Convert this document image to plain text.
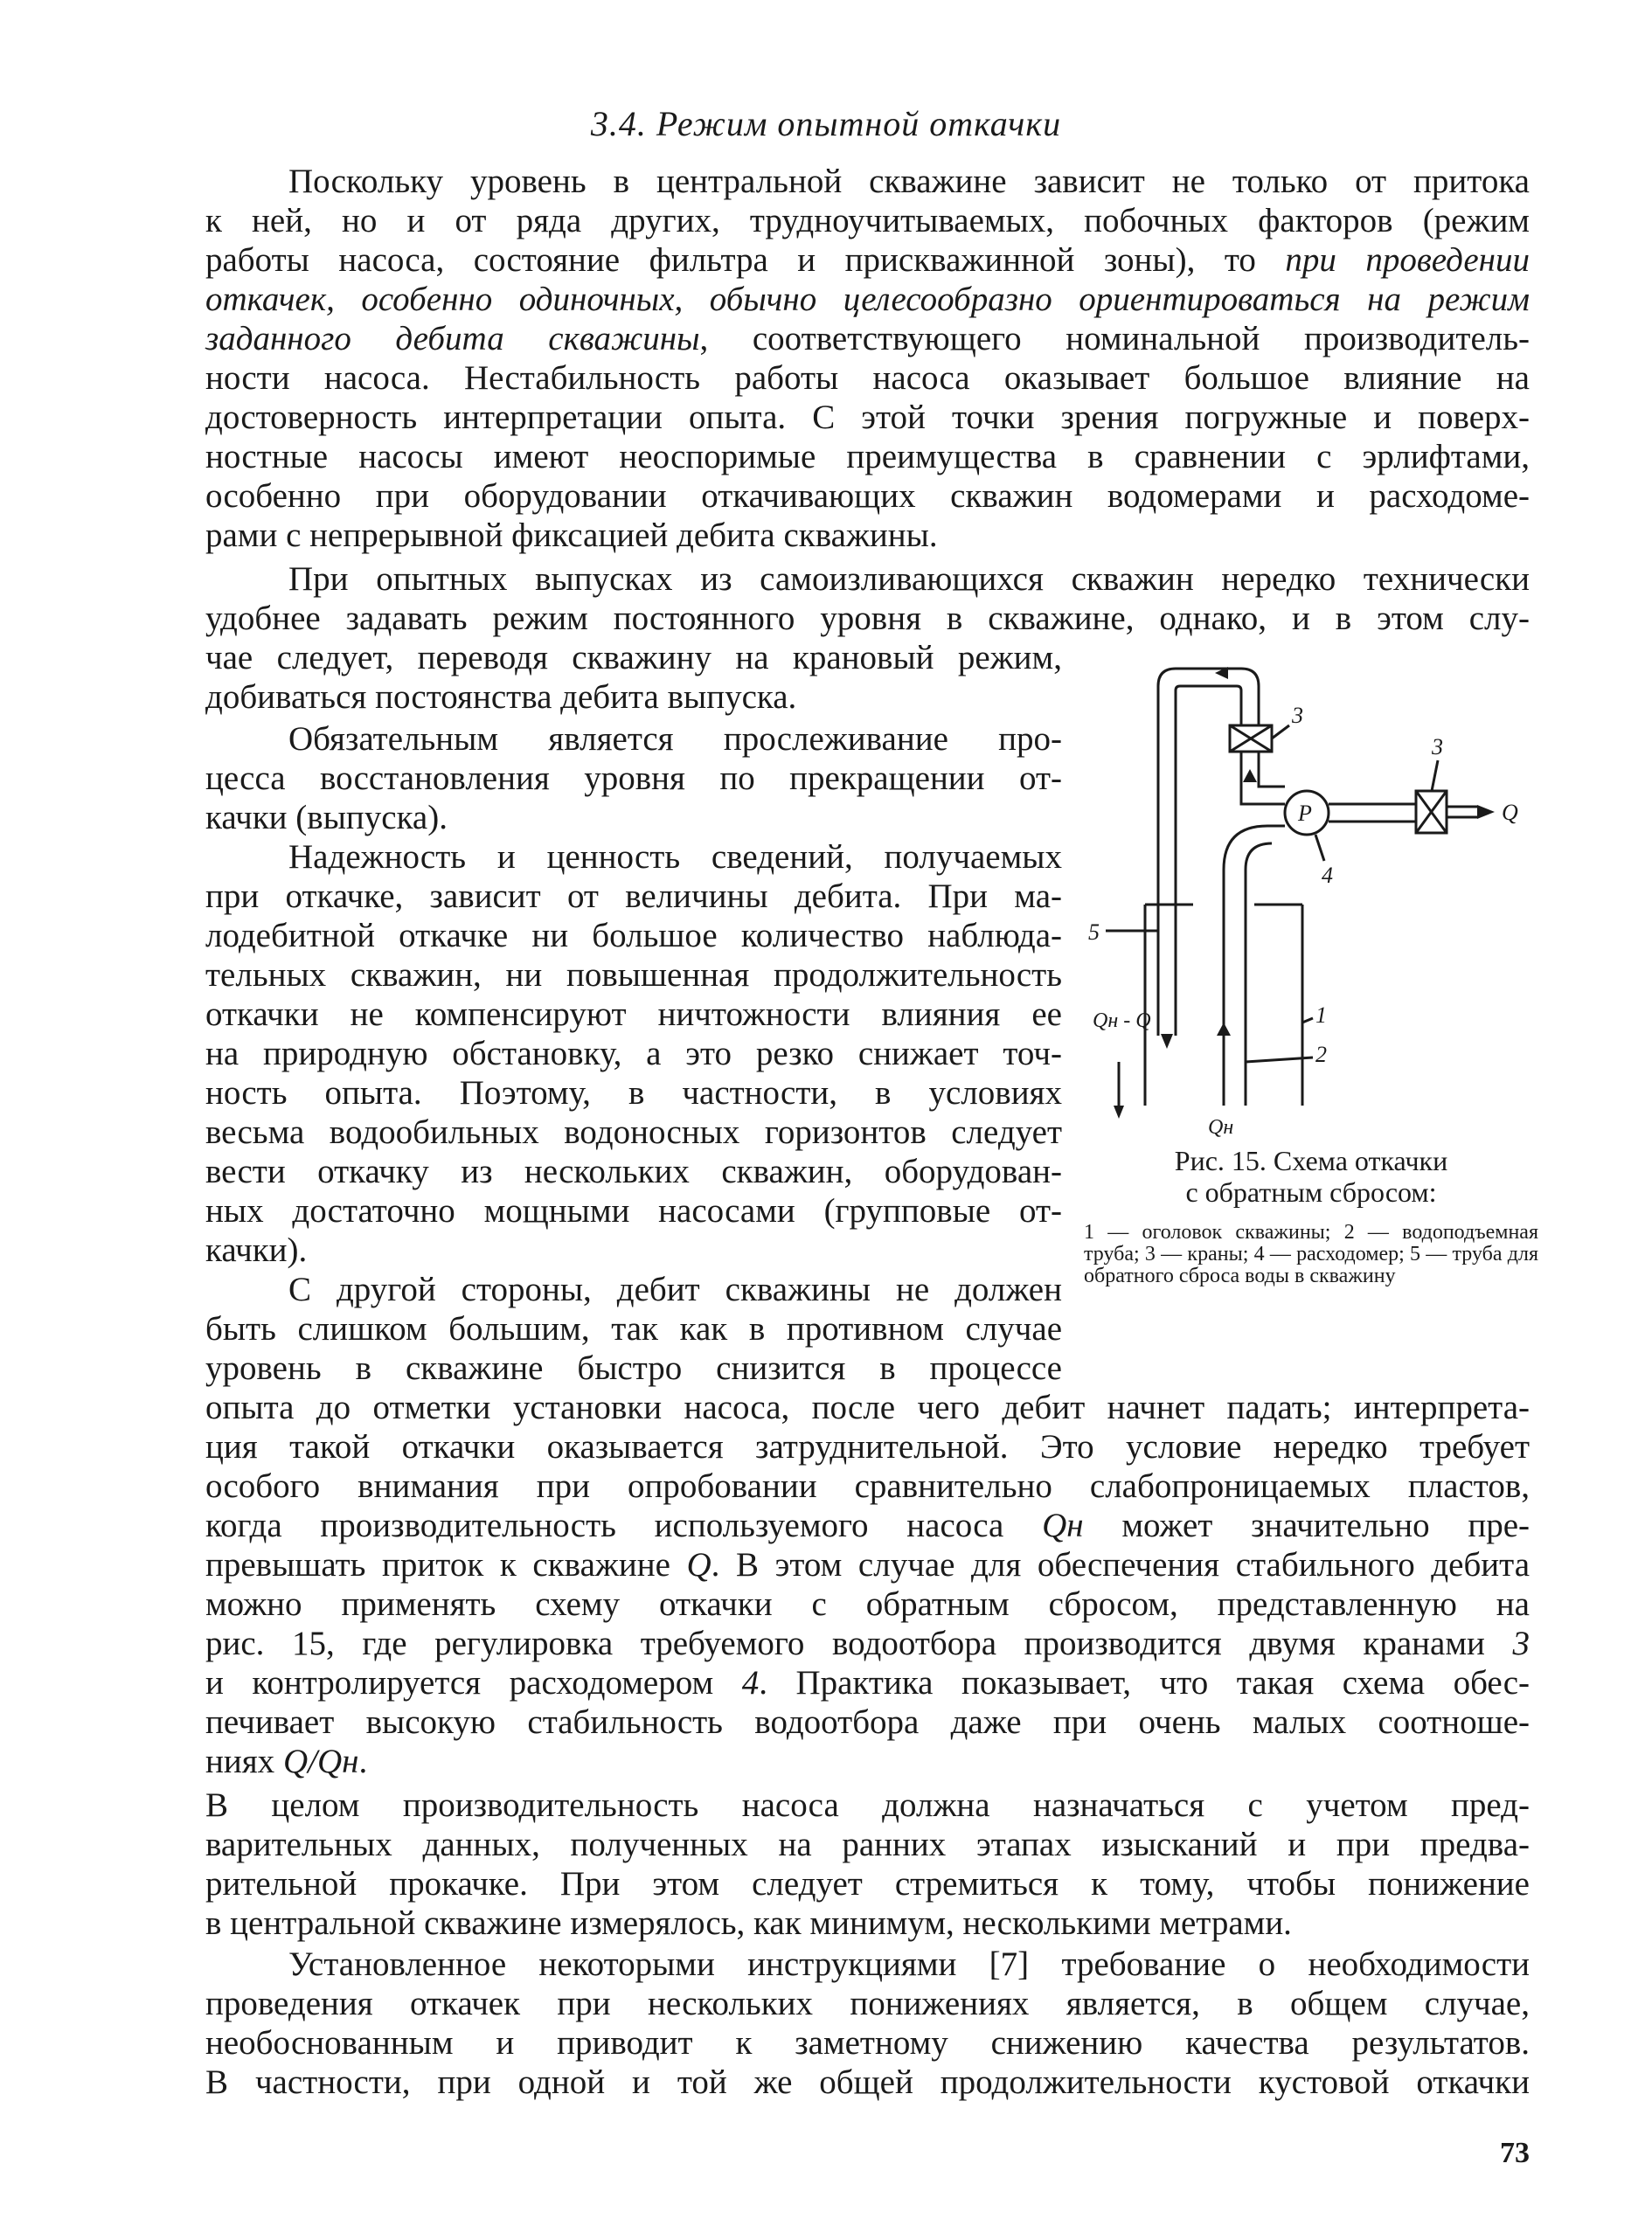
3.4. Режим опытной откачки
Поскольку уровень в центральной скважине зависит не только от притока
к ней, но и от ряда других, трудноучитываемых, побочных факторов (режим
работы насоса, состояние фильтра и прискважинной зоны), то при проведении
откачек, особенно одиночных, обычно целесообразно ориентироваться на режим
заданного дебита скважины, соответствующего номинальной производитель-
ности насоса. Нестабильность работы насоса оказывает большое влияние на
достоверность интерпретации опыта. С этой точки зрения погружные и поверх-
ностные насосы имеют неоспоримые преимущества в сравнении с эрлифтами,
особенно при оборудовании откачивающих скважин водомерами и расходоме-
рами с непрерывной фиксацией дебита скважины.
При опытных выпусках из самоизливающихся скважин нередко технически
удобнее задавать режим постоянного уровня в скважине, однако, и в этом слу-
чае следует, переводя скважину на крановый режим,
добиваться постоянства дебита выпуска.
Обязательным является прослеживание про-
цесса восстановления уровня по прекращении от-
качки (выпуска).
Надежность и ценность сведений, получаемых
при откачке, зависит от величины дебита. При ма-
лодебитной откачке ни большое количество наблюда-
тельных скважин, ни повышенная продолжительность
откачки не компенсируют ничтожности влияния ее
на природную обстановку, а это резко снижает точ-
ность опыта. Поэтому, в частности, в условиях
весьма водообильных водоносных горизонтов следует
вести откачку из нескольких скважин, оборудован-
ных достаточно мощными насосами (групповые от-
качки).
С другой стороны, дебит скважины не должен
быть слишком большим, так как в противном случае
уровень в скважине быстро снизится в процессе
опыта до отметки установки насоса, после чего дебит начнет падать; интерпрета-
ция такой откачки оказывается затруднительной. Это условие нередко требует
особого внимания при опробовании сравнительно слабопроницаемых пластов,
когда производительность используемого насоса Qн может значительно пре-
превышать приток к скважине Q. В этом случае для обеспечения стабильного дебита
можно применять схему откачки с обратным сбросом, представленную на
рис. 15, где регулировка требуемого водоотбора производится двумя кранами 3
и контролируется расходомером 4. Практика показывает, что такая схема обес-
печивает высокую стабильность водоотбора даже при очень малых соотноше-
ниях Q/Qн.
В целом производительность насоса должна назначаться с учетом пред-
варительных данных, полученных на ранних этапах изысканий и при предва-
рительной прокачке. При этом следует стремиться к тому, чтобы понижение
в центральной скважине измерялось, как минимум, несколькими метрами.
Установленное некоторыми инструкциями [7] требование о необходимости
проведения откачек при нескольких понижениях является, в общем случае,
необоснованным и приводит к заметному снижению качества результатов.
В частности, при одной и той же общей продолжительности кустовой откачки
3
3
P
4
Q
5
Qн - Q	1
2
Qн
Рис. 15. Схема откачки
с обратным сбросом:
1 — оголовок скважины; 2 — водоподъемная труба; 3 — краны; 4 — расходомер; 5 — труба для обратного сброса воды в скважину
73
